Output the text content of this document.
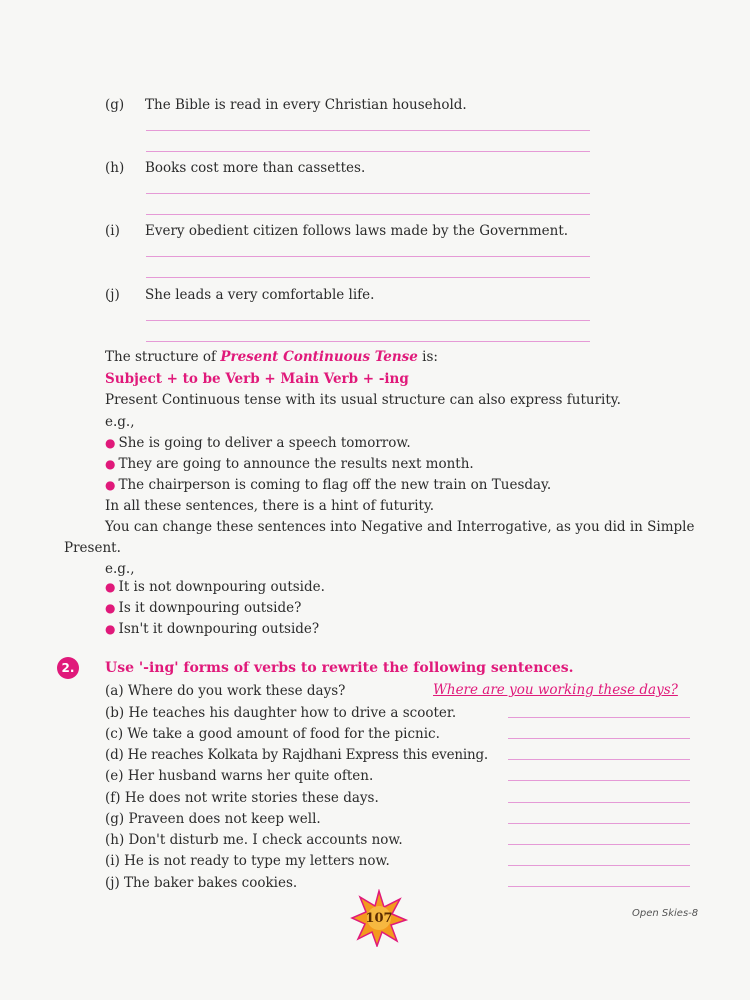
(g) The Bible is read in every Christian household.
(h) Books cost more than cassettes.
(i) Every obedient citizen follows laws made by the Government.
(j) She leads a very comfortable life.
The structure of Present Continuous Tense is:
Subject + to be Verb + Main Verb + -ing
Present Continuous tense with its usual structure can also express futurity.
e.g.,
● She is going to deliver a speech tomorrow.
● They are going to announce the results next month.
● The chairperson is coming to flag off the new train on Tuesday.
In all these sentences, there is a hint of futurity.
You can change these sentences into Negative and Interrogative, as you did in Simple
Present.
e.g.,
● It is not downpouring outside.
● Is it downpouring outside?
● Isn't it downpouring outside?
2.	Use '-ing' forms of verbs to rewrite the following sentences.
(a) Where do you work these days?	Where are you working these days?
(b) He teaches his daughter how to drive a scooter.
(c) We take a good amount of food for the picnic.
(d) He reaches Kolkata by Rajdhani Express this evening.
(e) Her husband warns her quite often.
(f) He does not write stories these days.
(g) Praveen does not keep well.
(h) Don't disturb me. I check accounts now.
(i) He is not ready to type my letters now.
(j) The baker bakes cookies.
107	Open Skies-8
